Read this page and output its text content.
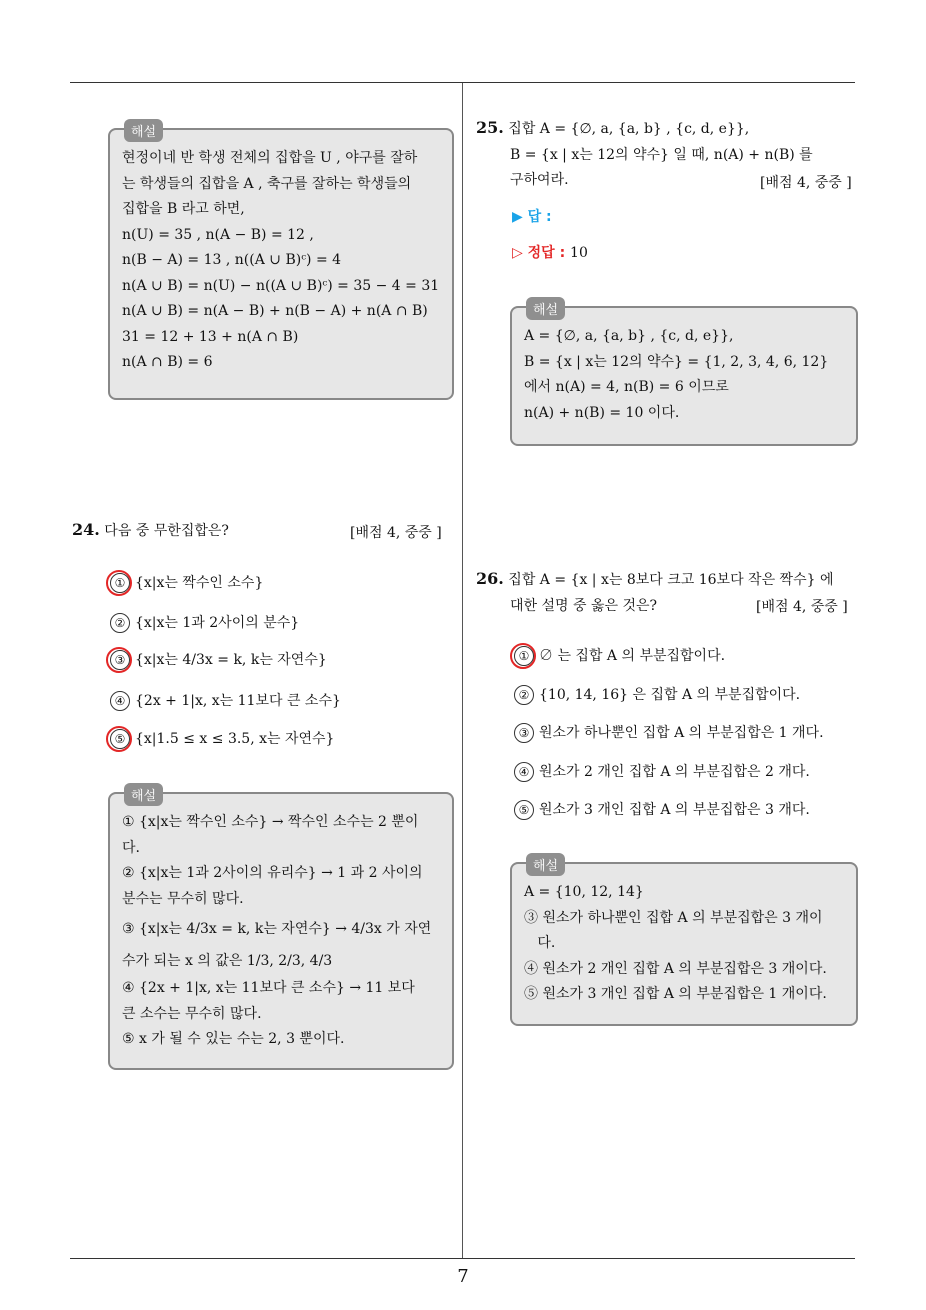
7
해설
현정이네 반 학생 전체의 집합을 U , 야구를 잘하
는 학생들의 집합을 A , 축구를 잘하는 학생들의
집합을 B 라고 하면,
n(U) = 35 , n(A − B) = 12 ,
n(B − A) = 13 , n((A ∪ B)ᶜ) = 4
n(A ∪ B) = n(U) − n((A ∪ B)ᶜ) = 35 − 4 = 31
n(A ∪ B) = n(A − B) + n(B − A) + n(A ∩ B)
31 = 12 + 13 + n(A ∩ B)
n(A ∩ B) = 6
24. 다음 중 무한집합은?	[배점 4, 중중 ]
① {x|x는 짝수인 소수}
② {x|x는 1과 2사이의 분수}
③ {x|x는 4/3x = k, k는 자연수}
④ {2x + 1|x, x는 11보다 큰 소수}
⑤ {x|1.5 ≤ x ≤ 3.5, x는 자연수}
해설
① {x|x는 짝수인 소수} → 짝수인 소수는 2 뿐이
다.
② {x|x는 1과 2사이의 유리수} → 1 과 2 사이의
분수는 무수히 많다.
③ {x|x는 4/3x = k, k는 자연수} → 4/3x 가 자연
수가 되는 x 의 값은 1/3, 2/3, 4/3
④ {2x + 1|x, x는 11보다 큰 소수} → 11 보다
큰 소수는 무수히 많다.
⑤ x 가 될 수 있는 수는 2, 3 뿐이다.
25. 집합 A = {∅, a, {a, b} , {c, d, e}},
B = {x | x는 12의 약수} 일 때, n(A) + n(B) 를
구하여라.	[배점 4, 중중 ]
▶ 답 :
▷ 정답 : 10
해설
A = {∅, a, {a, b} , {c, d, e}},
B = {x | x는 12의 약수} = {1, 2, 3, 4, 6, 12}
에서 n(A) = 4, n(B) = 6 이므로
n(A) + n(B) = 10 이다.
26. 집합 A = {x | x는 8보다 크고 16보다 작은 짝수} 에
대한 설명 중 옳은 것은?	[배점 4, 중중 ]
① ∅ 는 집합 A 의 부분집합이다.
② {10, 14, 16} 은 집합 A 의 부분집합이다.
③ 원소가 하나뿐인 집합 A 의 부분집합은 1 개다.
④ 원소가 2 개인 집합 A 의 부분집합은 2 개다.
⑤ 원소가 3 개인 집합 A 의 부분집합은 3 개다.
해설
A = {10, 12, 14}
③ 원소가 하나뿐인 집합 A 의 부분집합은 3 개이
다.
④ 원소가 2 개인 집합 A 의 부분집합은 3 개이다.
⑤ 원소가 3 개인 집합 A 의 부분집합은 1 개이다.
